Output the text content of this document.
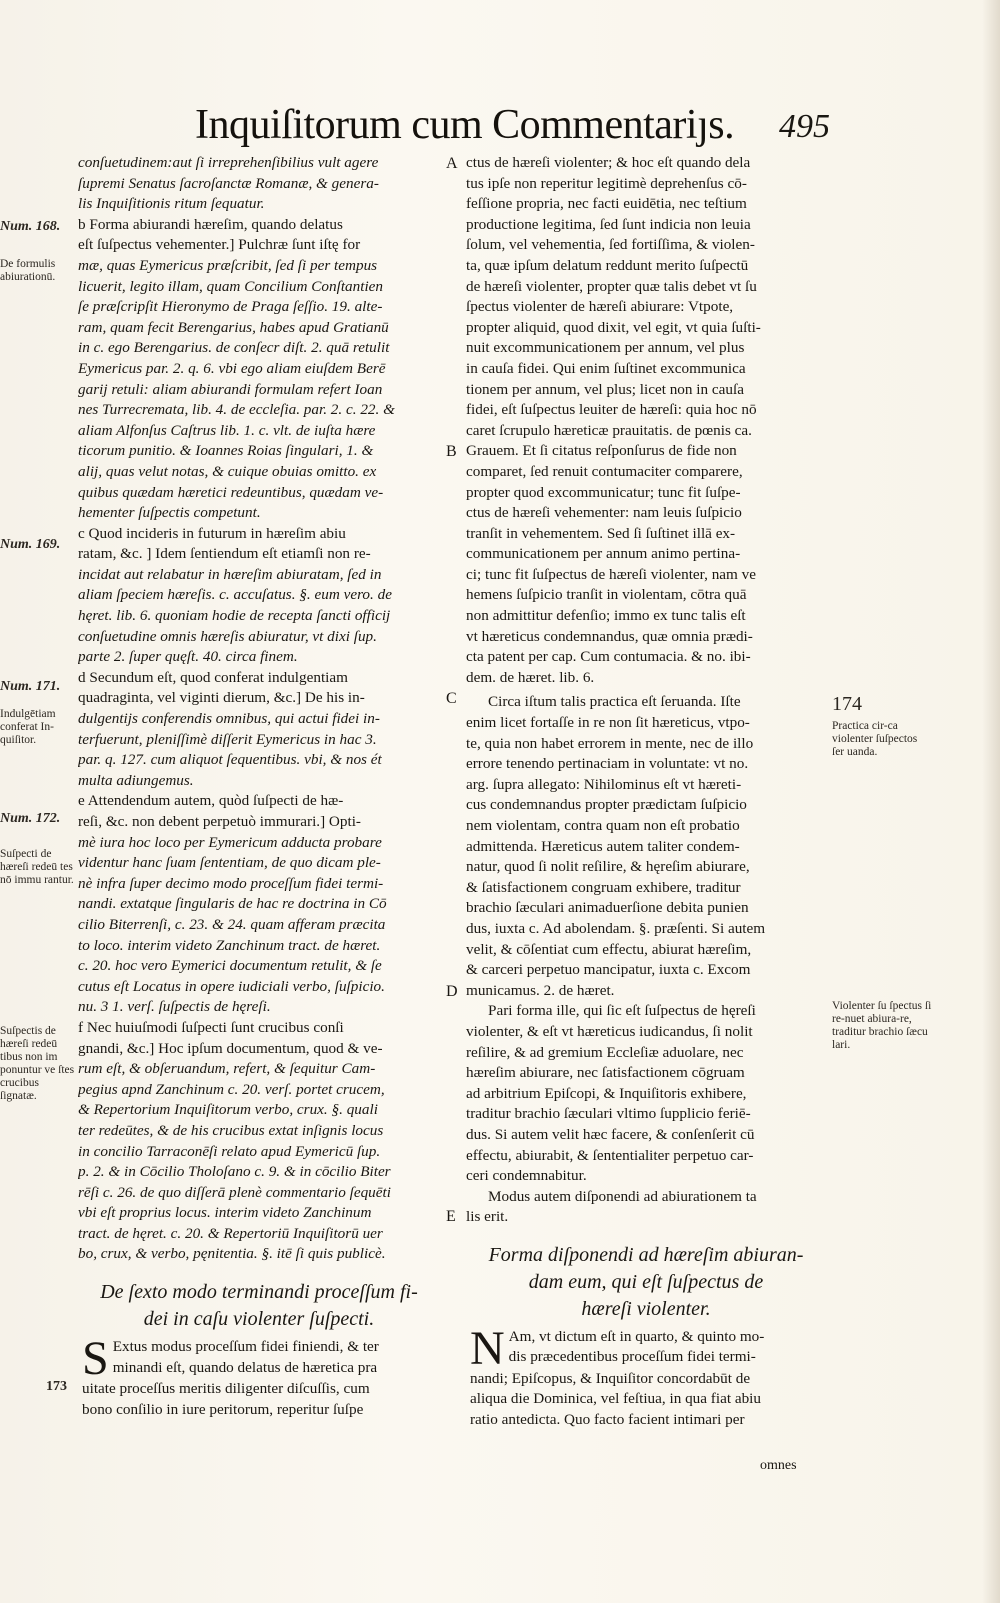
Inquiſitorum cum Commentariȷs. 495
conſuetudinem:aut ſi irreprehenſibilius vult agere
ſupremi Senatus ſacroſanctæ Romanæ, & genera-
lis Inquiſitionis ritum ſequatur.
b Forma abiurandi hæreſim, quando delatus
eſt ſuſpectus vehementer.] Pulchræ ſunt iſtę for
mæ, quas Eymericus præſcribit, ſed ſi per tempus
licuerit, legito illam, quam Concilium Conſtantien
ſe præſcripſit Hieronymo de Praga ſeſſio. 19. alte-
ram, quam fecit Berengarius, habes apud Gratianū
in c. ego Berengarius. de conſecr diſt. 2. quā retulit
Eymericus par. 2. q. 6. vbi ego aliam eiuſdem Berē
garij retuli: aliam abiurandi formulam refert Ioan
nes Turrecremata, lib. 4. de eccleſia. par. 2. c. 22. &
aliam Alfonſus Caſtrus lib. 1. c. vlt. de iuſta hære
ticorum punitio. & Ioannes Roias ſingulari, 1. &
alij, quas velut notas, & cuique obuias omitto. ex
quibus quædam hæretici redeuntibus, quædam ve-
hementer ſuſpectis competunt.
c Quod incideris in futurum in hæreſim abiu
ratam, &c. ] Idem ſentiendum eſt etiamſi non re-
incidat aut relabatur in hæreſim abiuratam, ſed in
aliam ſpeciem hæreſis. c. accuſatus. §. eum vero. de
hęret. lib. 6. quoniam hodie de recepta ſancti officij
conſuetudine omnis hæreſis abiuratur, vt dixi ſup.
parte 2. ſuper quęſt. 40. circa finem.
d Secundum eſt, quod conferat indulgentiam
quadraginta, vel viginti dierum, &c.] De his in-
dulgentijs conferendis omnibus, qui actui fidei in-
terfuerunt, pleniſſimè diſſerit Eymericus in hac 3.
par. q. 127. cum aliquot ſequentibus. vbi, & nos ét
multa adiungemus.
e Attendendum autem, quòd ſuſpecti de hæ-
reſi, &c. non debent perpetuò immurari.] Opti-
mè iura hoc loco per Eymericum adducta probare
videntur hanc ſuam ſententiam, de quo dicam ple-
nè infra ſuper decimo modo proceſſum fidei termi-
nandi. extatque ſingularis de hac re doctrina in Cō
cilio Biterrenſi, c. 23. & 24. quam afferam præcita
to loco. interim videto Zanchinum tract. de hæret.
c. 20. hoc vero Eymerici documentum retulit, & ſe
cutus eſt Locatus in opere iudiciali verbo, ſuſpicio.
nu. 3 1. verſ. ſuſpectis de hęreſi.
f Nec huiuſmodi ſuſpecti ſunt crucibus conſi
gnandi, &c.] Hoc ipſum documentum, quod & ve-
rum eſt, & obſeruandum, refert, & ſequitur Cam-
pegius apnd Zanchinum c. 20. verſ. portet crucem,
& Repertorium Inquiſitorum verbo, crux. §. quali
ter redeūtes, & de his crucibus extat inſignis locus
in concilio Tarraconēſi relato apud Eymericū ſup.
p. 2. & in Cōcilio Tholoſano c. 9. & in cōcilio Biter
rēſi c. 26. de quo diſſerā plenè commentario ſequēti
vbi eſt proprius locus. interim videto Zanchinum
tract. de hęret. c. 20. & Repertoriū Inquiſitorū uer
bo, crux, & verbo, pęnitentia. §. itē ſi quis publicè.
De ſexto modo terminandi proceſſum fi-
dei in caſu violenter ſuſpecti.
S Extus modus proceſſum fidei finiendi, & ter
minandi eſt, quando delatus de hæretica pra
uitate proceſſus meritis diligenter diſcuſſis, cum
bono conſilio in iure peritorum, reperitur ſuſpe
ctus de hæreſi violenter; & hoc eſt quando dela
tus ipſe non reperitur legitimè deprehenſus cō-
feſſione propria, nec facti euidētia, nec teſtium
productione legitima, ſed ſunt indicia non leuia
ſolum, vel vehementia, ſed fortiſſima, & violen-
ta, quæ ipſum delatum reddunt merito ſuſpectū
de hæreſi violenter, propter quæ talis debet vt ſu
ſpectus violenter de hæreſi abiurare: Vtpote,
propter aliquid, quod dixit, vel egit, vt quia ſuſti-
nuit excommunicationem per annum, vel plus
in cauſa fidei. Qui enim ſuſtinet excommunica
tionem per annum, vel plus; licet non in cauſa
fidei, eſt ſuſpectus leuiter de hæreſi: quia hoc nō
caret ſcrupulo hæreticæ prauitatis. de pœnis ca.
Grauem. Et ſi citatus reſponſurus de fide non
comparet, ſed renuit contumaciter comparere,
propter quod excommunicatur; tunc fit ſuſpe-
ctus de hæreſi vehementer: nam leuis ſuſpicio
tranſit in vehementem. Sed ſi ſuſtinet illā ex-
communicationem per annum animo pertina-
ci; tunc fit ſuſpectus de hæreſi violenter, nam ve
hemens ſuſpicio tranſit in violentam, cōtra quā
non admittitur defenſio; immo ex tunc talis eſt
vt hæreticus condemnandus, quæ omnia prædi-
cta patent per cap. Cum contumacia. & no. ibi-
dem. de hæret. lib. 6.
Circa iſtum talis practica eſt ſeruanda. Iſte
enim licet fortaſſe in re non ſit hæreticus, vtpo-
te, quia non habet errorem in mente, nec de illo
errore tenendo pertinaciam in voluntate: vt no.
arg. ſupra allegato: Nihilominus eſt vt hæreti-
cus condemnandus propter prædictam ſuſpicio
nem violentam, contra quam non eſt probatio
admittenda. Hæreticus autem taliter condem-
natur, quod ſi nolit reſilire, & hęreſim abiurare,
& ſatisfactionem congruam exhibere, traditur
brachio ſæculari animaduerſione debita punien
dus, iuxta c. Ad abolendam. §. præſenti. Si autem
velit, & cōſentiat cum effectu, abiurat hæreſim,
& carceri perpetuo mancipatur, iuxta c. Excom
municamus. 2. de hæret.
Pari forma ille, qui ſic eſt ſuſpectus de hęreſi
violenter, & eſt vt hæreticus iudicandus, ſi nolit
reſilire, & ad gremium Eccleſiæ aduolare, nec
hæreſim abiurare, nec ſatisfactionem cōgruam
ad arbitrium Epiſcopi, & Inquiſitoris exhibere,
traditur brachio ſæculari vltimo ſupplicio feriē-
dus. Si autem velit hæc facere, & conſenſerit cū
effectu, abiurabit, & ſententialiter perpetuo car-
ceri condemnabitur.
Modus autem diſponendi ad abiurationem ta
lis erit.
Forma diſponendi ad hæreſim abiuran-
dam eum, qui eſt ſuſpectus de
hæreſi violenter.
N Am, vt dictum eſt in quarto, & quinto mo-
dis præcedentibus proceſſum fidei termi-
nandi; Epiſcopus, & Inquiſitor concordabūt de
aliqua die Dominica, vel feſtiua, in qua fiat abiu
ratio antedicta. Quo facto facient intimari per
A
B
C
D
E
Num. 168.
De formulis abiurationū.
Num. 169.
Num. 171.
Indulgētiam conferat In-quiſitor.
Num. 172.
Suſpecti de hæreſi redeū tes nō immu rantur.
Suſpectis de hæreſi redeū tibus non im ponuntur ve ſtes crucibus ſignatæ.
173
174
Practica cir-ca violenter ſuſpectos ſer uanda.
Violenter ſu ſpectus ſi re-nuet abiura-re, traditur brachio ſæcu lari.
omnes
